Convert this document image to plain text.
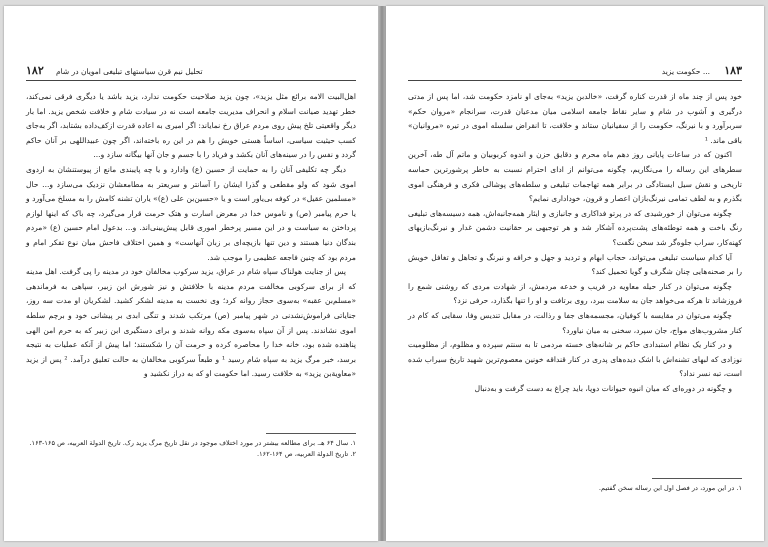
۱۸۲ تحلیل نیم قرن سیاستهای تبلیغی امویان در شام

اهل‌البیت الامه برائع مثل یزید»، چون یزید صلاحیت حکومت ندارد، یزید باشد یا دیگری فرقی نمی‌کند، خطر تهدید صیانت اسلام و انحراف مدیریت جامعه است نه در سیادت شام و خلافت شخص یزید. اما بار دیگر واقعیتی تلخ پیش روی مردم عراق رخ نمایاند: اگر امیری به اعاده قدرت ازکف‌داده بشتابد، اگر به‌جای کسب حیثیت سیاسی، اساساً هستی خویش را هم در این ره باخته‌اند، اگر چون عبیداللهی بر آنان حاکم گردد و نفس را در سینه‌های آنان بکشد و فریاد را با جسم و جان آنها بیگانه سازد و...

دیگر چه تکلیفی آنان را به حمایت از حسین (ع) وادارد و یا چه پایبندی مانع از پیوستنشان به اردوی اموی شود که ولو مقطعی و گذرا ایشان را آسانتر و سریعتر به مطامعشان نزدیک می‌سازد و... حال «مسلمین عقیل» در کوفه بی‌یاور است و یا «حسین‌بن علی (ع)» یاران تشنه کامش را به مسلخ می‌آورد و یا حرم پیامبر (ص) و ناموس خدا در معرض اسارت و هتک حرمت قرار می‌گیرد، چه باک که اینها لوازم پرداختن به سیاست و در این مسیر پرخطر اموری قابل پیش‌بینی‌اند. و... بدعول امام حسین (ع) «مردم بندگان دنیا هستند و دین تنها بازیچه‌ای بر زبان آنهاست» و همین اختلاف فاحش میان نوع تفکر امام و مردم بود که چنین فاجعه عظیمی را موجب شد.

پس از جنایت هولناک سپاه شام در عراق، یزید سرکوب مخالفان خود در مدینه را پی گرفت. اهل مدینه که از برای سرکوبی مخالفت مردم مدینه با خلافتش و نیز شورش ابن زبیر، سپاهی به فرماندهی «مسلم‌بن عقبه» به‌سوی حجاز روانه کرد؛ وی نخست به مدینه لشکر کشید. لشکریان او مدت سه روز، جنایاتی فراموش‌نشدنی در شهر پیامبر (ص) مرتکب شدند و تنگی ابدی بر پیشانی خود و برچم سلطه اموی نشاندند. پس از آن سپاه به‌سوی مکه روانه شدند و برای دستگیری ابن زبیر که به حرم امن الهی پناهنده شده بود، خانه خدا را محاصره کرده و حرمت آن را شکستند؛ اما پیش از آنکه عملیات به نتیجه برسد، خبر مرگ یزید به سپاه شام رسید ¹ و طبعاً سرکوبی مخالفان به حالت تعلیق درآمد. ² پس از یزید «معاویة‌بن یزید» به خلافت رسید. اما حکومت او که به دراز نکشید و

۱. سال ۶۴ هـ. برای مطالعه بیشتر در مورد اختلاف موجود در نقل تاریخ مرگ یزید رک. تاریخ الدولة العربیه، ص ۱۶۵-۱۶۳.
۲. تاریخ الدولة العربیه، ص ۱۶۴-۱۶۲.
۱۸۳
حکومت یزید ...

خود پس از چند ماه از قدرت کناره گرفت، «خالدبن یزید» به‌جای او نامزد حکومت شد، اما پس از مدتی درگیری و آشوب در شام و سایر نقاط جامعه اسلامی میان مدعیان قدرت، سرانجام «مروان حکم» سربرآورد و با نیرنگ، حکومت را از سفیانیان ستاند و خلافت، تا انقراض سلسله اموی در تیره «مروانیان» باقی ماند. ¹

اکنون که در ساعات پایانی روز دهم ماه محرم و دقایق حزن و اندوه کربوبیان و ماتم آل طه، آخرین سطرهای این رساله را می‌نگاریم، چگونه می‌توانم از ادای احترام نسبت به خاطر پرشورترین حماسه تاریخی و نقش سیل ایستادگی در برابر همه تهاجمات تبلیغی و سلطه‌های پوشالی فکری و فرهنگی اموی بگذرم و به لطف تمامی نیرنگ‌بازان اعصار و قرون، خوداداری نمایم؟

چگونه می‌توان از خورشیدی که در پرتو فداکاری و جانبازی و ایثار همه‌جانبه‌اش، همه دسیسه‌های تبلیغی رنگ باخت و همه توطئه‌های پشت‌پرده آشکار شد و هر توجیهی بر حقانیت دشمن غدار و نیرنگ‌بازیهای کهنه‌کار، سراب جلوه‌گر شد سخن نگفت؟

آیا کدام سیاست تبلیغی می‌تواند، حجاب ابهام و تردید و جهل و خرافه و نیرنگ و تجاهل و تغافل خویش را بر صحنه‌هایی چنان شگرف و گویا تحمیل کند؟

چگونه می‌توان در کنار حیله معاویه در فریب و خدعه مردمش، از شهادت مردی که روشنی شمع را فروزشاند تا هرکه می‌خواهد جان به سلامت ببرد، روی برتافت و او را تنها بگذارد، حرفی نزد؟

چگونه می‌توان در مقایسه با کوفیان، مجسمه‌های جفا و رذالت، در مقابل تندیس وفا، سقایی که کام در کنار مشروب‌های مواج، جان سپرد، سخنی به میان نیاورد؟

و در کنار یک نظام استبدادی حاکم بر شانه‌های خسته مردمی تا به سنتم سپرده و مظلوم، از مظلومیت نوزادی که لبهای تشنه‌اش با اشک دیده‌های پدری در کنار قنداقه خونین معصوم‌ترین شهید تاریخ سیراب شده است، تبه نسر نداد؟

و چگونه در دوره‌ای که میان انبوه حیوانات دوپا، باید چراغ به دست گرفت و به‌دنبال

۱. در این مورد، در فصل اول این رساله سخن گفتیم.
